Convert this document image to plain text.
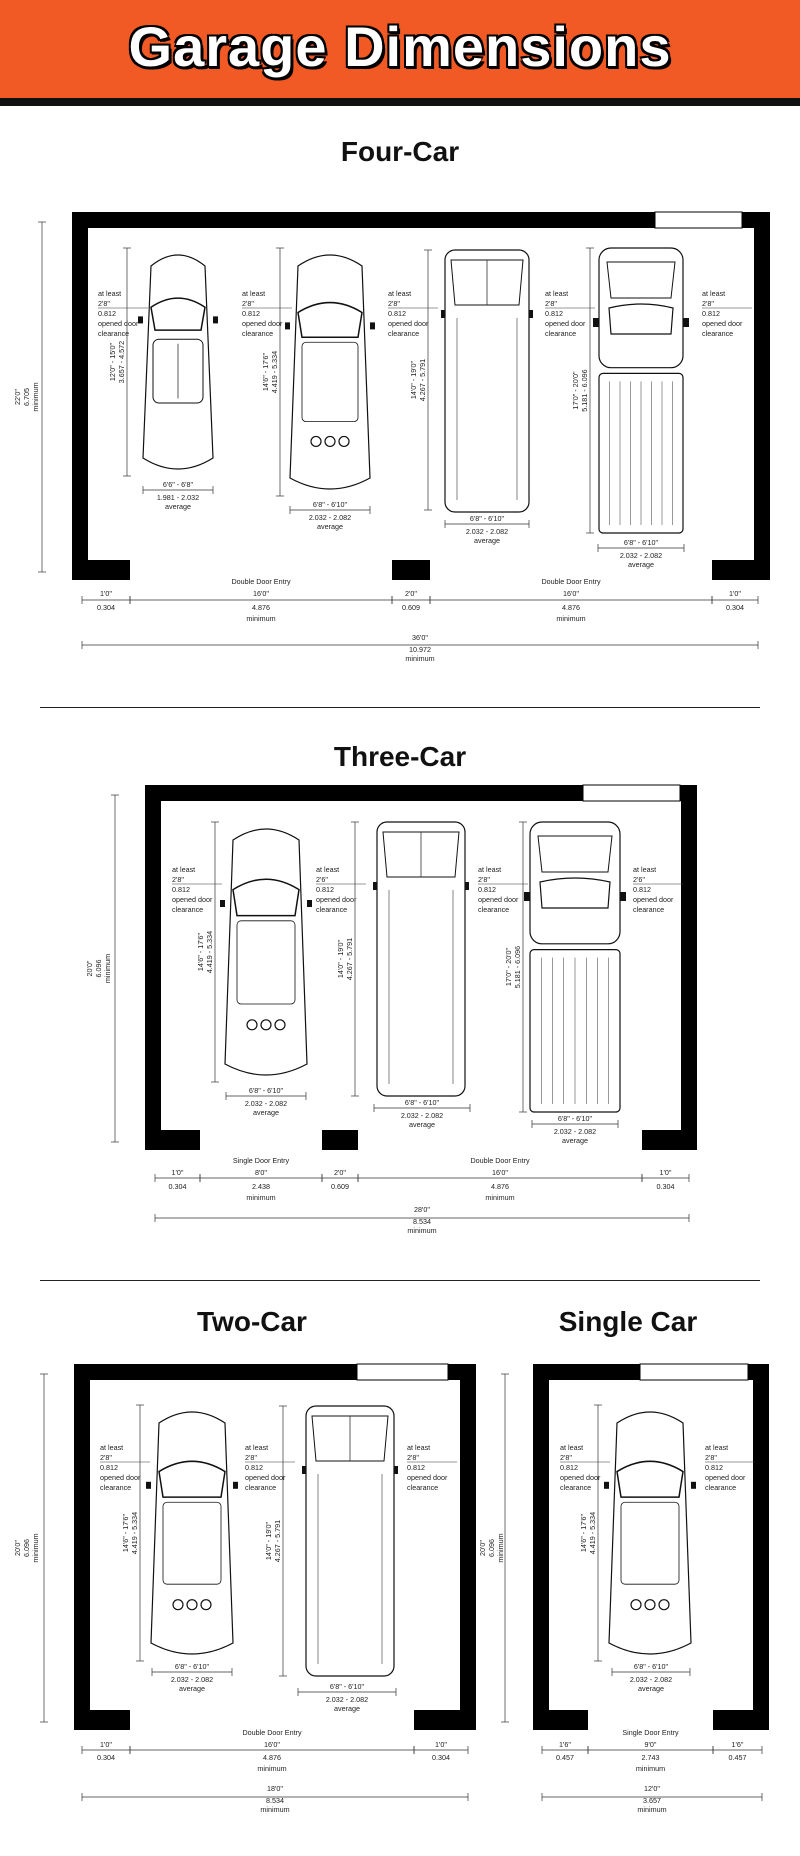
Garage Dimensions
22'0" 6.705 minimum
1'0"
0.304
Double Door Entry
16'0"
4.876
minimum
2'0"
0.609
Double Door Entry
16'0"
4.876
minimum
1'0"
0.304
36'0"
10.972
minimum
at least
2'8"
0.812
opened door
clearance
at least
2'8"
0.812
opened door
clearance
at least
2'8"
0.812
opened door
clearance
at least
2'8"
0.812
opened door
clearance
at least
2'8"
0.812
opened door
clearance
12'0" - 15'0" 3.657 - 4.572
6'6" - 6'8"
1.981 - 2.032
average
14'6" - 17'6" 4.419 - 5.334
6'8" - 6'10"
2.032 - 2.082
average
14'0" - 19'0" 4.267 - 5.791
6'8" - 6'10"
2.032 - 2.082
average
17'0" - 20'0" 5.181 - 6.096
6'8" - 6'10"
2.032 - 2.082
average
20'0" 6.096 minimum
1'0"
0.304
Single Door Entry
8'0"
2.438
minimum
2'0"
0.609
Double Door Entry
16'0"
4.876
minimum
1'0"
0.304
28'0"
8.534
minimum
at least
2'8"
0.812
opened door
clearance
at least
2'6"
0.812
opened door
clearance
at least
2'8"
0.812
opened door
clearance
at least
2'6"
0.812
opened door
clearance
14'6" - 17'6" 4.419 - 5.334
6'8" - 6'10"
2.032 - 2.082
average
14'0" - 19'0" 4.267 - 5.791
6'8" - 6'10"
2.032 - 2.082
average
17'0" - 20'0" 5.181 - 6.096
6'8" - 6'10"
2.032 - 2.082
average
20'0" 6.096 minimum
1'0"
0.304
Double Door Entry
16'0"
4.876
minimum
1'0"
0.304
18'0"
8.534
minimum
at least
2'8"
0.812
opened door
clearance
at least
2'8"
0.812
opened door
clearance
at least
2'8"
0.812
opened door
clearance
14'6" - 17'6" 4.419 - 5.334
6'8" - 6'10"
2.032 - 2.082
average
14'0" - 19'0" 4.267 - 5.791
6'8" - 6'10"
2.032 - 2.082
average
20'0" 6.096 minimum
1'6"
0.457
Single Door Entry
9'0"
2.743
minimum
1'6"
0.457
12'0"
3.657
minimum
at least
2'8"
0.812
opened door
clearance
at least
2'8"
0.812
opened door
clearance
14'6" - 17'6" 4.419 - 5.334
6'8" - 6'10"
2.032 - 2.082
average
Four-Car
Three-Car
Two-Car	Single Car
